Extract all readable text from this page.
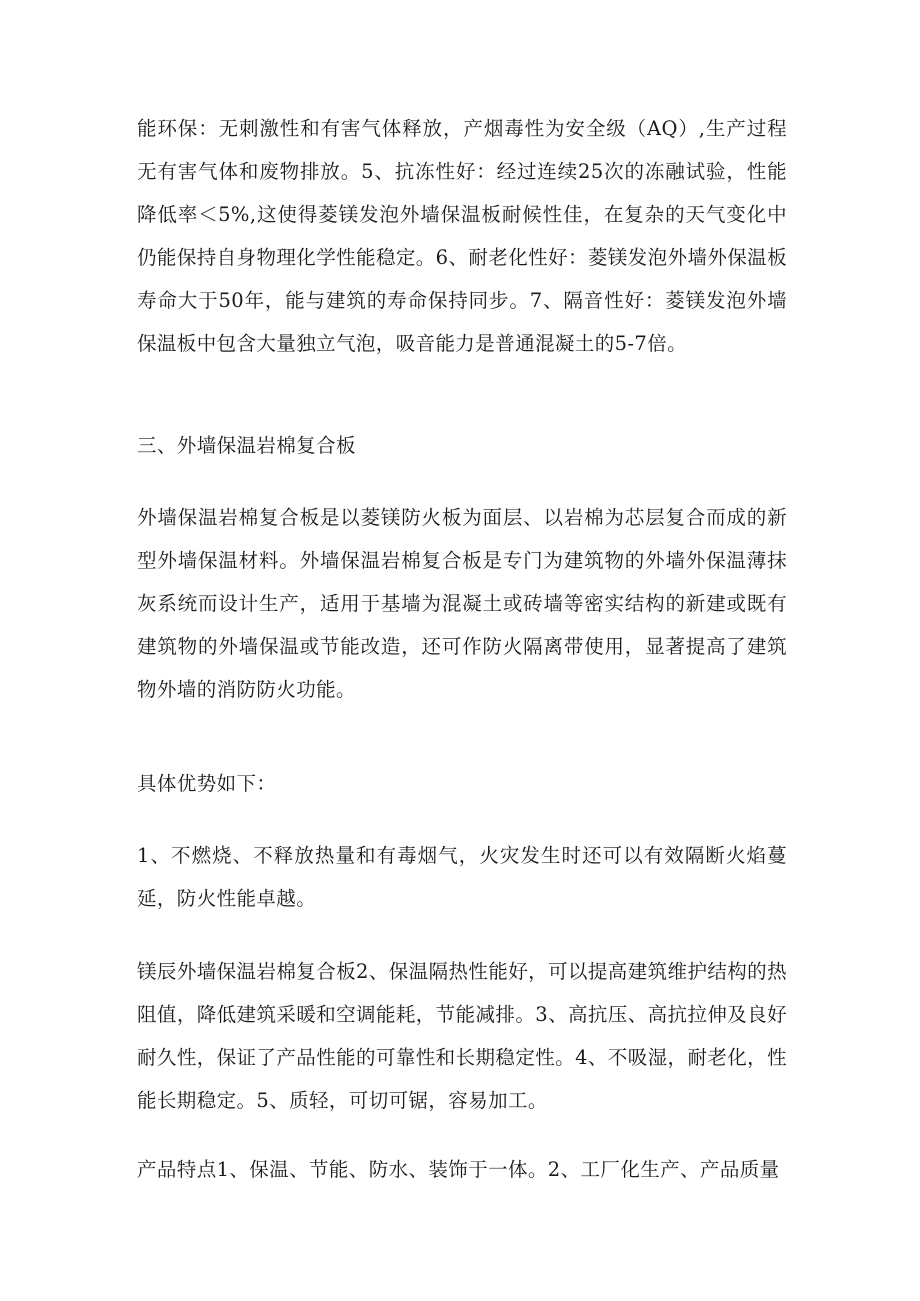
能环保：无刺激性和有害气体释放，产烟毒性为安全级（AQ）,生产过程无有害气体和废物排放。5、抗冻性好：经过连续25次的冻融试验，性能降低率＜5%,这使得菱镁发泡外墙保温板耐候性佳，在复杂的天气变化中仍能保持自身物理化学性能稳定。6、耐老化性好：菱镁发泡外墙外保温板寿命大于50年，能与建筑的寿命保持同步。7、隔音性好：菱镁发泡外墙保温板中包含大量独立气泡，吸音能力是普通混凝土的5-7倍。

三、外墙保温岩棉复合板

外墙保温岩棉复合板是以菱镁防火板为面层、以岩棉为芯层复合而成的新型外墙保温材料。外墙保温岩棉复合板是专门为建筑物的外墙外保温薄抹灰系统而设计生产，适用于基墙为混凝土或砖墙等密实结构的新建或既有建筑物的外墙保温或节能改造，还可作防火隔离带使用，显著提高了建筑物外墙的消防防火功能。

具体优势如下：

1、不燃烧、不释放热量和有毒烟气，火灾发生时还可以有效隔断火焰蔓延，防火性能卓越。

镁辰外墙保温岩棉复合板2、保温隔热性能好，可以提高建筑维护结构的热阻值，降低建筑采暖和空调能耗，节能减排。3、高抗压、高抗拉伸及良好耐久性，保证了产品性能的可靠性和长期稳定性。4、不吸湿，耐老化，性能长期稳定。5、质轻，可切可锯，容易加工。

产品特点1、保温、节能、防水、装饰于一体。2、工厂化生产、产品质量
